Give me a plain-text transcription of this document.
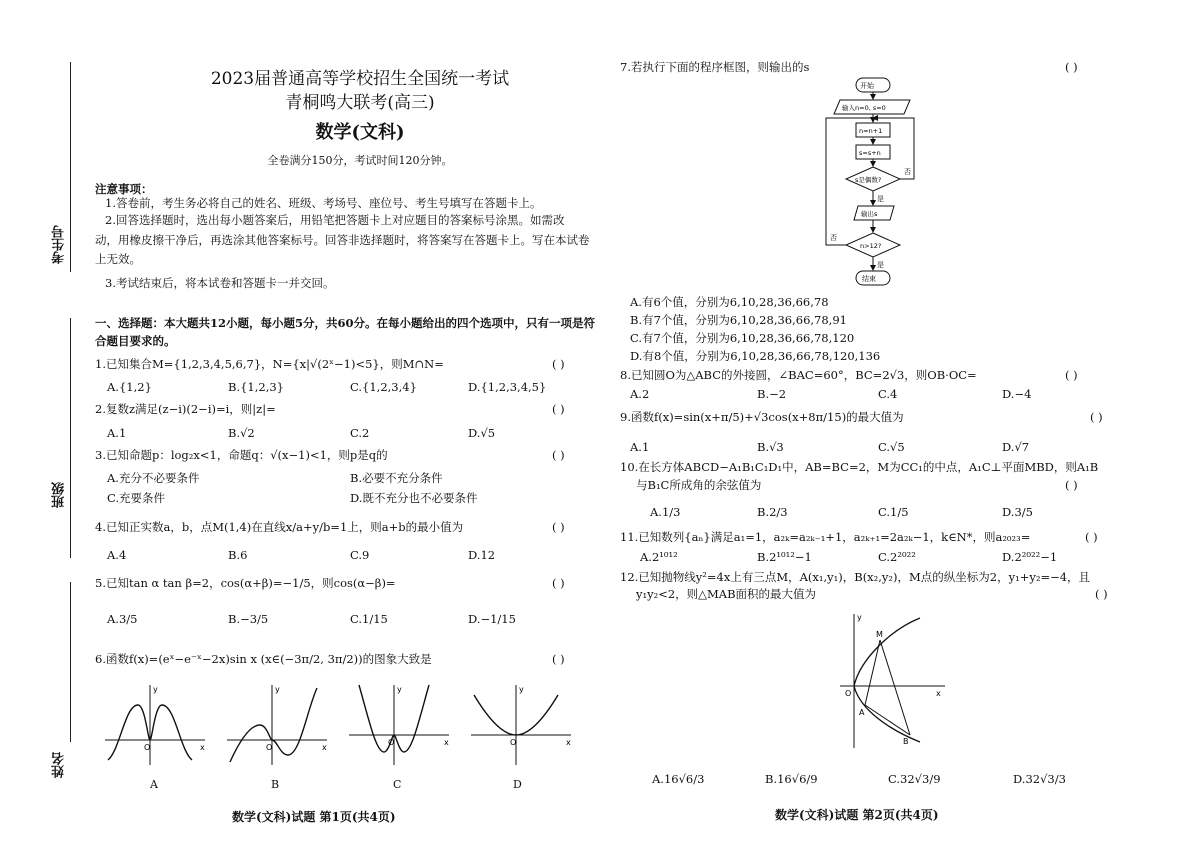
考生号
班级
姓名
2023届普通高等学校招生全国统一考试
青桐鸣大联考(高三)
数学(文科)
全卷满分150分，考试时间120分钟。
注意事项：
1.答卷前，考生务必将自己的姓名、班级、考场号、座位号、考生号填写在答题卡上。
2.回答选择题时，选出每小题答案后，用铅笔把答题卡上对应题目的答案标号涂黑。如需改
动，用橡皮擦干净后，再选涂其他答案标号。回答非选择题时，将答案写在答题卡上。写在本试卷
上无效。
3.考试结束后，将本试卷和答题卡一并交回。
一、选择题：本大题共12小题，每小题5分，共60分。在每小题给出的四个选项中，只有一项是符
合题目要求的。
1.已知集合M={1,2,3,4,5,6,7}，N={x|√(2ˣ−1)<5}，则M∩N=	( )
A.{1,2}	B.{1,2,3}	C.{1,2,3,4}	D.{1,2,3,4,5}
2.复数z满足(z−i)(2−i)=i，则|z|=	( )
A.1	B.√2	C.2	D.√5
3.已知命题p：log₂x<1，命题q：√(x−1)<1，则p是q的	( )
A.充分不必要条件	B.必要不充分条件
C.充要条件	D.既不充分也不必要条件
4.已知正实数a，b，点M(1,4)在直线x/a+y/b=1上，则a+b的最小值为	( )
A.4	B.6	C.9	D.12
5.已知tan α tan β=2，cos(α+β)=−1/5，则cos(α−β)=	( )
A.3/5	B.−3/5	C.1/15	D.−1/15
6.函数f(x)=(eˣ−e⁻ˣ−2x)sin x (x∈(−3π/2, 3π/2))的图象大致是	( )
y
x
O
A
y
x
O
B
y
x
O
C
y
x
O
D
数学(文科)试题 第1页(共4页)
7.若执行下面的程序框图，则输出的s	( )
开始
输入n=0, s=0
n=n+1
s=s+n
s是偶数?
是
否
输出s
n>12?
是
否
结束
A.有6个值，分别为6,10,28,36,66,78
B.有7个值，分别为6,10,28,36,66,78,91
C.有7个值，分别为6,10,28,36,66,78,120
D.有8个值，分别为6,10,28,36,66,78,120,136
8.已知圆O为△ABC的外接圆，∠BAC=60°，BC=2√3，则OB·OC=	( )
A.2	B.−2	C.4	D.−4
9.函数f(x)=sin(x+π/5)+√3cos(x+8π/15)的最大值为	( )
A.1	B.√3	C.√5	D.√7
10.在长方体ABCD−A₁B₁C₁D₁中，AB=BC=2，M为CC₁的中点，A₁C⊥平面MBD，则A₁B
与B₁C所成角的余弦值为	( )
A.1/3	B.2/3	C.1/5	D.3/5
11.已知数列{aₙ}满足a₁=1，a₂ₖ=a₂ₖ₋₁+1，a₂ₖ₊₁=2a₂ₖ−1，k∈N*，则a₂₀₂₃=	( )
A.2¹⁰¹²	B.2¹⁰¹²−1	C.2²⁰²²	D.2²⁰²²−1
12.已知抛物线y²=4x上有三点M，A(x₁,y₁)，B(x₂,y₂)，M点的纵坐标为2，y₁+y₂=−4，且
y₁y₂<2，则△MAB面积的最大值为	( )
y
x
O
M
A
B
A.16√6/3	B.16√6/9	C.32√3/9	D.32√3/3
数学(文科)试题 第2页(共4页)
